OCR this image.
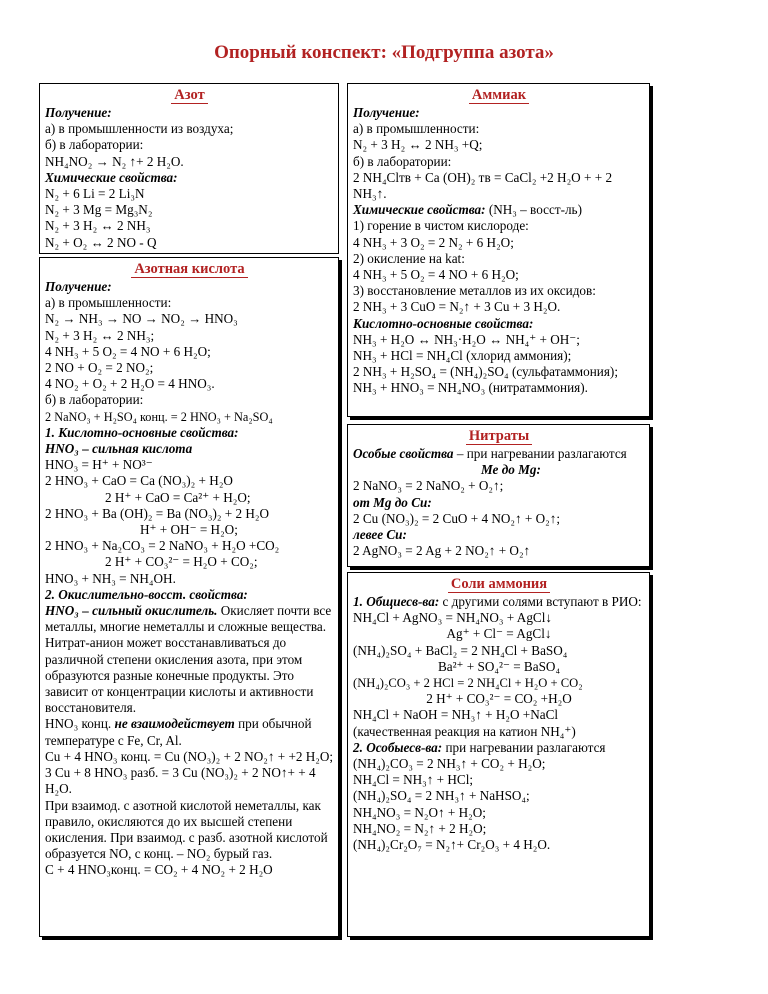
Опорный конспект: «Подгруппа азота»
Азот
Получение:
а) в промышленности из воздуха;
б) в лаборатории:
NH₄NO₂ → N₂ ↑+ 2 H₂O.
Химические свойства:
N₂ + 6 Li = 2 Li₃N
N₂ + 3 Mg = Mg₃N₂
N₂ + 3 H₂ ↔ 2 NH₃
N₂ + O₂ ↔ 2 NO - Q
Азотная кислота
Получение:
а) в промышленности:
N₂ → NH₃ → NO → NO₂ → HNO₃
N₂ + 3 H₂ ↔ 2 NH₃;
4 NH₃ + 5 O₂ = 4 NO + 6 H₂O;
2 NO + O₂ = 2 NO₂;
4 NO₂ + O₂ + 2 H₂O = 4 HNO₃.
б) в лаборатории:
2 NaNO₃ + H₂SO₄ конц. = 2 HNO₃ + Na₂SO₄
1. Кислотно-основные свойства:
HNO₃ – сильная кислота
HNO₃ = H⁺ + NO³⁻
2 HNO₃ + CaO = Ca (NO₃)₂ + H₂O
2 H⁺ + CaO = Ca²⁺ + H₂O;
2 HNO₃ + Ba (OH)₂ = Ba (NO₃)₂ + 2 H₂O
H⁺ + OH⁻ = H₂O;
2 HNO₃ + Na₂CO₃ = 2 NaNO₃ + H₂O +CO₂
2 H⁺ + CO₃²⁻ = H₂O + CO₂;
HNO₃ + NH₃ = NH₄OH.
2. Окислительно-восст. свойства:
HNO₃ – сильный окислитель. Окисляет почти все металлы, многие неметаллы и сложные вещества. Нитрат-анион может восстанавливаться до различной степени окисления азота, при этом образуются разные конечные продукты. Это зависит от концентрации кислоты и активности восстановителя.
HNO₃ конц. не взаимодействует при обычной температуре с Fe, Cr, Al.
Cu + 4 HNO₃ конц. = Cu (NO₃)₂ + 2 NO₂↑ + +2 H₂O;
3 Cu + 8 HNO₃ разб. = 3 Cu (NO₃)₂ + 2 NO↑+ + 4 H₂O.
При взаимод. с азотной кислотой неметаллы, как правило, окисляются до их высшей степени окисления. При взаимод. с разб. азотной кислотой образуется NO, с конц. – NO₂ бурый газ.
C + 4 HNO₃конц. = CO₂ + 4 NO₂ + 2 H₂O
Аммиак
Получение:
а) в промышленности:
N₂ + 3 H₂ ↔ 2 NH₃ +Q;
б) в лаборатории:
2 NH₄Clтв + Ca (OH)₂ тв = CaCl₂ +2 H₂O + + 2 NH₃↑.
Химические свойства: (NH₃ – восст-ль)
1) горение в чистом кислороде:
4 NH₃ + 3 O₂ = 2 N₂ + 6 H₂O;
2) окисление на kat:
4 NH₃ + 5 O₂ = 4 NO + 6 H₂O;
3) восстановление металлов из их оксидов:
2 NH₃ + 3 CuO = N₂↑ + 3 Cu + 3 H₂O.
Кислотно-основные свойства:
NH₃ + H₂O ↔ NH₃·H₂O ↔ NH₄⁺ + OH⁻;
NH₃ + HCl = NH₄Cl (хлорид аммония);
2 NH₃ + H₂SO₄ = (NH₄)₂SO₄ (сульфатаммония);
NH₃ + HNO₃ = NH₄NO₃ (нитратаммония).
Нитраты
Особые свойства – при нагревании разлагаются
Ме до Mg:
2 NaNO₃ = 2 NaNO₂ + O₂↑;
от Mg до Cu:
2 Cu (NO₃)₂ = 2 CuO + 4 NO₂↑ + O₂↑;
левее Cu:
2 AgNO₃ = 2 Ag + 2 NO₂↑ + O₂↑
Соли аммония
1. Общиесв-ва: с другими солями вступают в РИО:
NH₄Cl + AgNO₃ = NH₄NO₃ + AgCl↓
Ag⁺ + Cl⁻ = AgCl↓
(NH₄)₂SO₄ + BaCl₂ = 2 NH₄Cl + BaSO₄
Ba²⁺ + SO₄²⁻ = BaSO₄
(NH₄)₂CO₃ + 2 HCl = 2 NH₄Cl + H₂O + CO₂
2 H⁺ + CO₃²⁻ = CO₂ +H₂O
NH₄Cl + NaOH = NH₃↑ + H₂O +NaCl
(качественная реакция на катион NH₄⁺)
2. Особыесв-ва: при нагревании разлагаются
(NH₄)₂CO₃ = 2 NH₃↑ + CO₂ + H₂O;
NH₄Cl = NH₃↑ + HCl;
(NH₄)₂SO₄ = 2 NH₃↑ + NaHSO₄;
NH₄NO₃ = N₂O↑ + H₂O;
NH₄NO₂ = N₂↑ + 2 H₂O;
(NH₄)₂Cr₂O₇ = N₂↑+ Cr₂O₃ + 4 H₂O.
